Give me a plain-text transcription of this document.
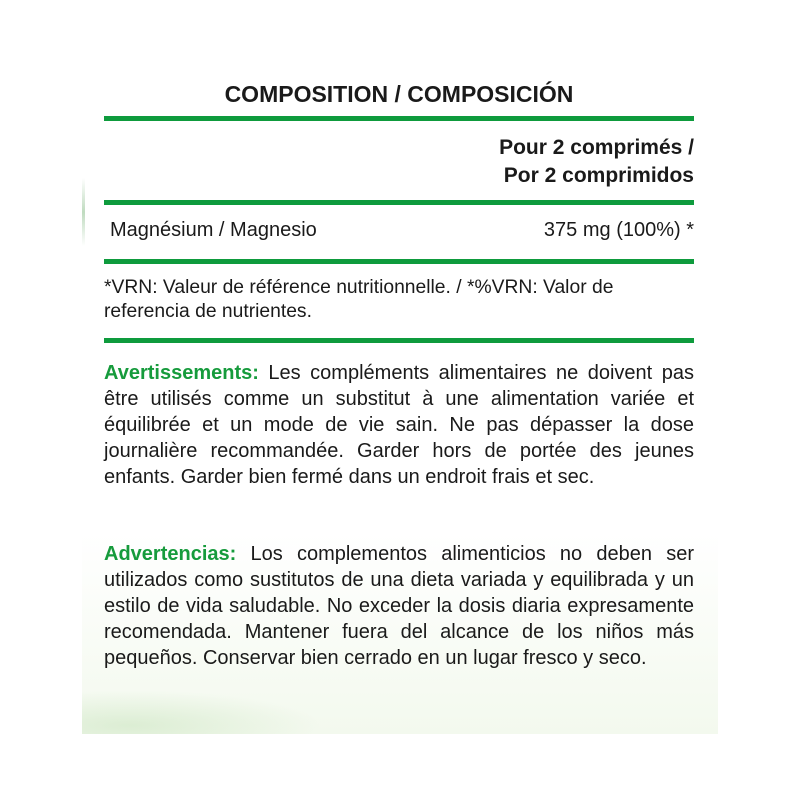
COMPOSITION / COMPOSICIÓN
Pour 2 comprimés /
Por 2 comprimidos
Magnésium / Magnesio	375 mg (100%) *
*VRN: Valeur de référence nutritionnelle. / *%VRN: Valor de referencia de nutrientes.
Avertissements: Les compléments alimentaires ne doivent pas être utilisés comme un substitut à une alimentation variée et équilibrée et un mode de vie sain. Ne pas dépasser la dose journalière recommandée. Garder hors de portée des jeunes enfants. Garder bien fermé dans un endroit frais et sec.
Advertencias: Los complementos alimenticios no deben ser utilizados como sustitutos de una dieta variada y equilibrada y un estilo de vida saludable. No exceder la dosis diaria expresamente recomendada. Mantener fuera del alcance de los niños más pequeños. Conservar bien cerrado en un lugar fresco y seco.
